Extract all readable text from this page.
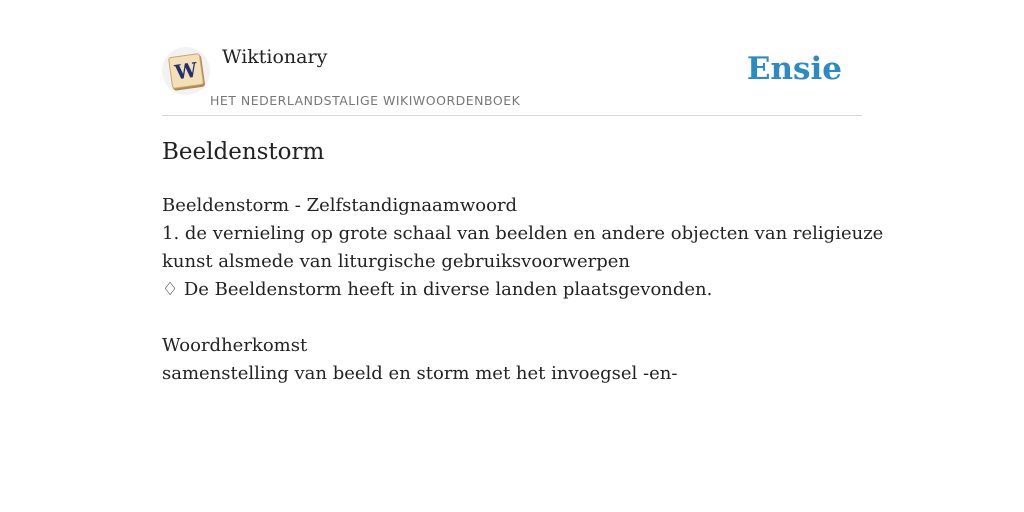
W
Wiktionary
HET NEDERLANDSTALIGE WIKIWOORDENBOEK
Ensie
Beeldenstorm
Beeldenstorm - Zelfstandignaamwoord
1. de vernieling op grote schaal van beelden en andere objecten van religieuze
kunst alsmede van liturgische gebruiksvoorwerpen
♢ De Beeldenstorm heeft in diverse landen plaatsgevonden.
Woordherkomst
samenstelling van beeld en storm met het invoegsel -en-
